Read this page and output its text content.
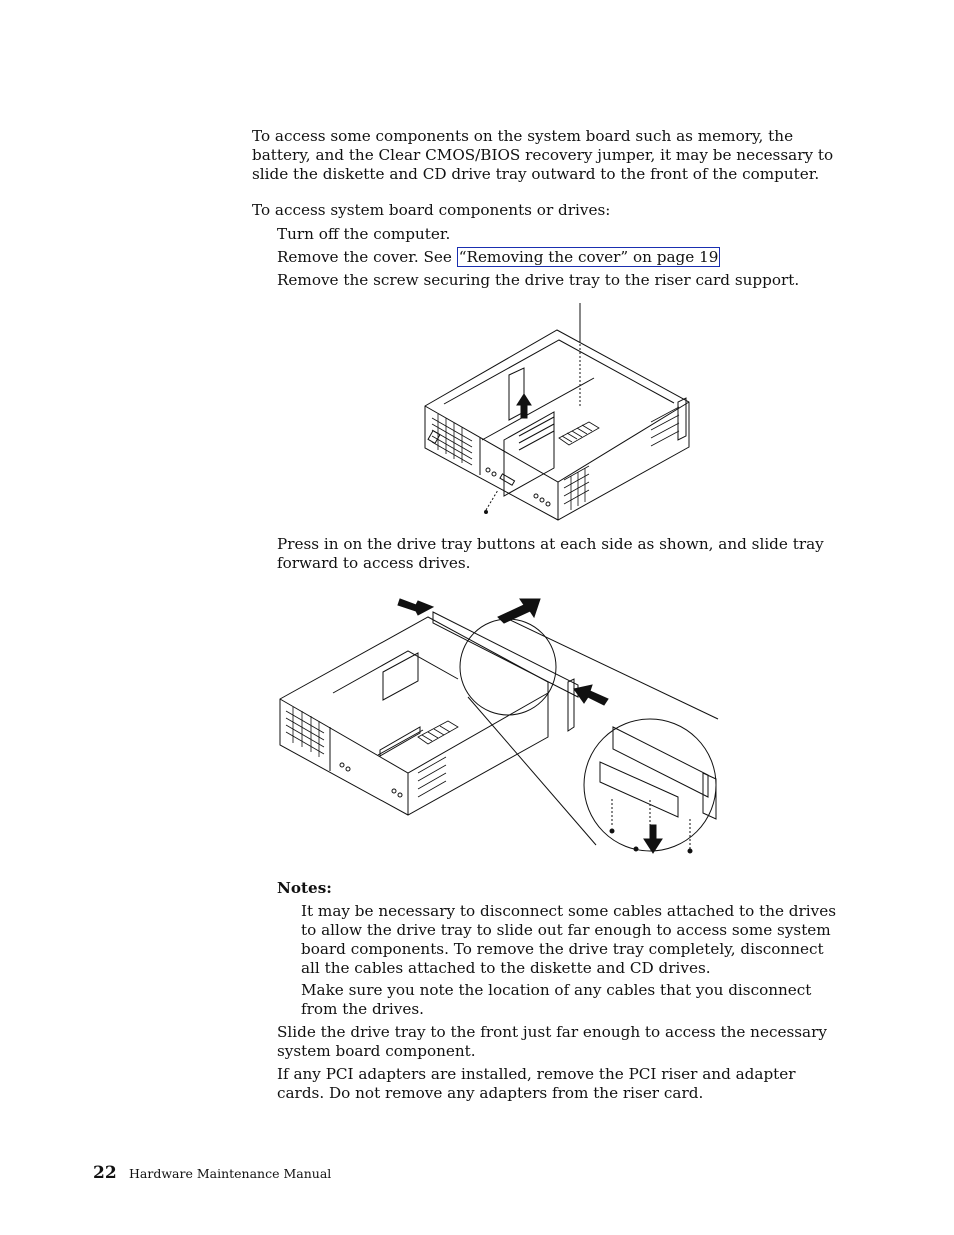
To access some components on the system board such as memory, the battery, and the Clear CMOS/BIOS recovery jumper, it may be necessary to slide the diskette and CD drive tray outward to the front of the computer.

To access system board components or drives:

Turn off the computer.

Remove the cover. See “Removing the cover” on page 19

Remove the screw securing the drive tray to the riser card support.

Press in on the drive tray buttons at each side as shown, and slide tray forward to access drives.

Notes:

It may be necessary to disconnect some cables attached to the drives to allow the drive tray to slide out far enough to access some system board components. To remove the drive tray completely, disconnect all the cables attached to the diskette and CD drives.

Make sure you note the location of any cables that you disconnect from the drives.

Slide the drive tray to the front just far enough to access the necessary system board component.

If any PCI adapters are installed, remove the PCI riser and adapter cards. Do not remove any adapters from the riser card.

22 Hardware Maintenance Manual
